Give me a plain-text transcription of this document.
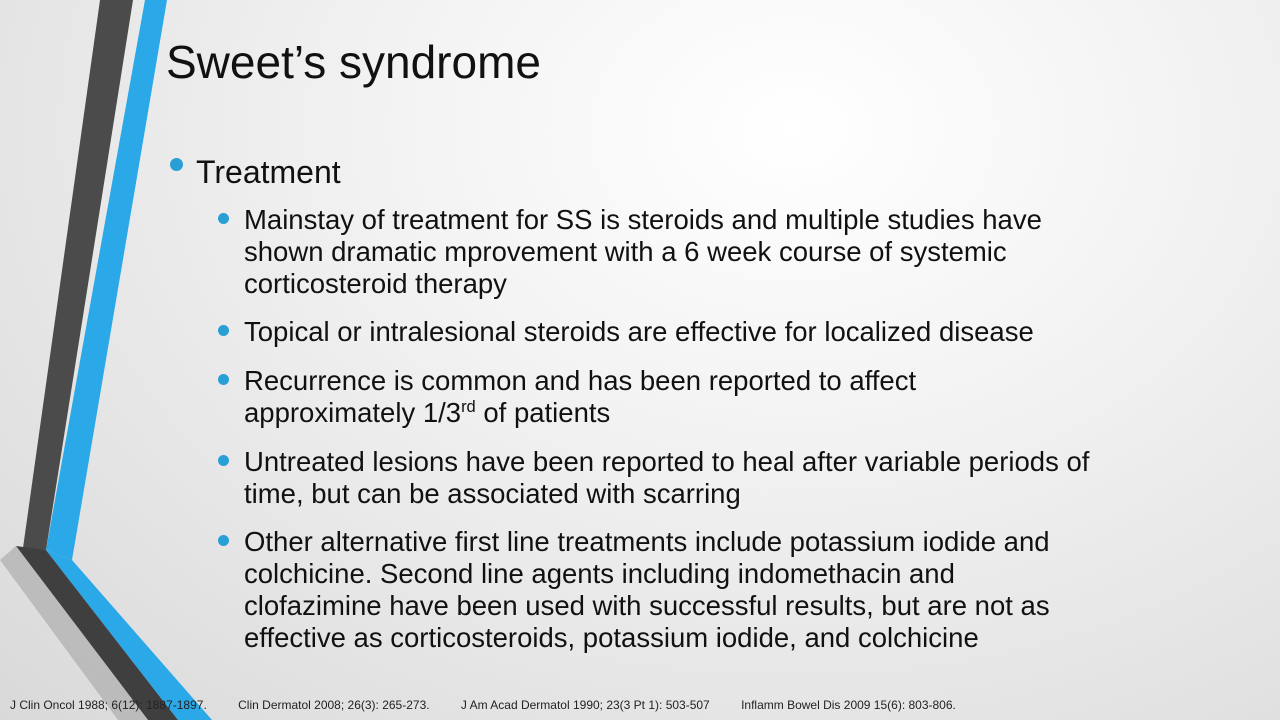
Sweet’s syndrome
Treatment
Mainstay of treatment for SS is steroids and multiple studies have
shown dramatic mprovement with a 6 week course of systemic
corticosteroid therapy
Topical or intralesional steroids are effective for localized disease
Recurrence is common and has been reported to affect
approximately 1/3rd of patients
Untreated lesions have been reported to heal after variable periods of
time, but can be associated with scarring
Other alternative first line treatments include potassium iodide and
colchicine. Second line agents including indomethacin and
clofazimine have been used with successful results, but are not as
effective as corticosteroids, potassium iodide, and colchicine
J Clin Oncol 1988; 6(12): 1887-1897.	Clin Dermatol 2008; 26(3): 265-273.	J Am Acad Dermatol 1990; 23(3 Pt 1): 503-507	Inflamm Bowel Dis 2009 15(6): 803-806.
